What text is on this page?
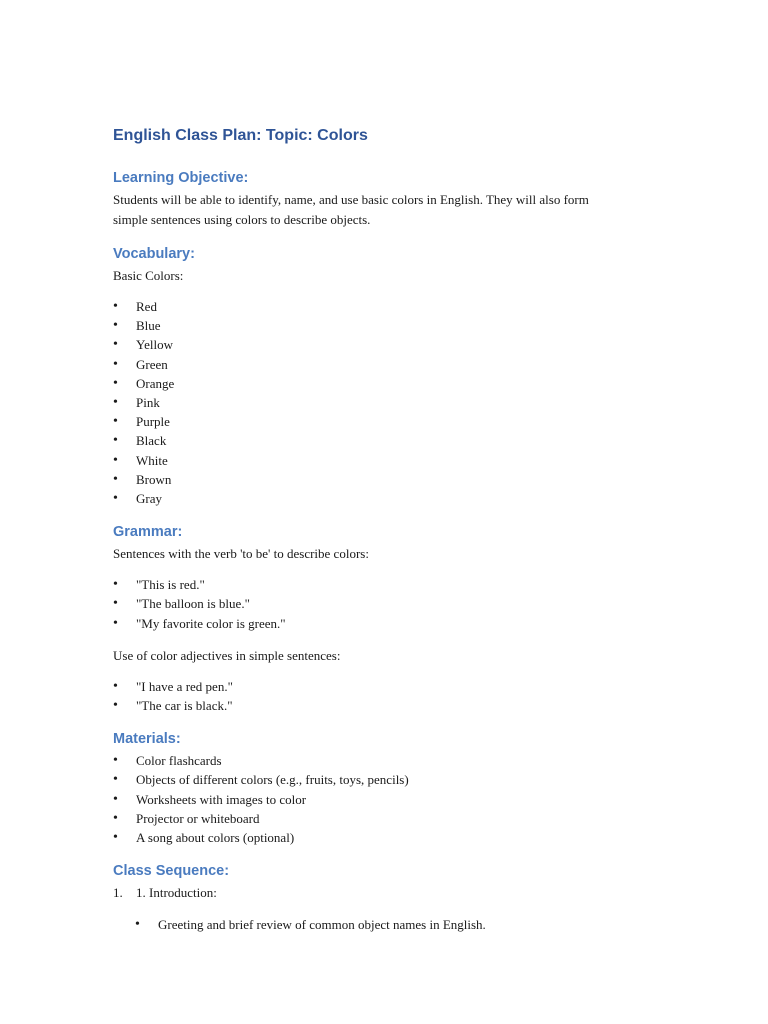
English Class Plan: Topic: Colors
Learning Objective:

Students will be able to identify, name, and use basic colors in English. They will also form
simple sentences using colors to describe objects.

Vocabulary:

Basic Colors:

• Red
• Blue
• Yellow
• Green
• Orange
• Pink
• Purple
• Black
• White
• Brown
• Gray
Grammar:

Sentences with the verb 'to be' to describe colors:

• "This is red."
• "The balloon is blue."
• "My favorite color is green."

Use of color adjectives in simple sentences:

• "I have a red pen."
• "The car is black."
Materials:
• Color flashcards
• Objects of different colors (e.g., fruits, toys, pencils)
• Worksheets with images to color
• Projector or whiteboard
• A song about colors (optional)
Class Sequence:
1. 1. Introduction:
• Greeting and brief review of common object names in English.
